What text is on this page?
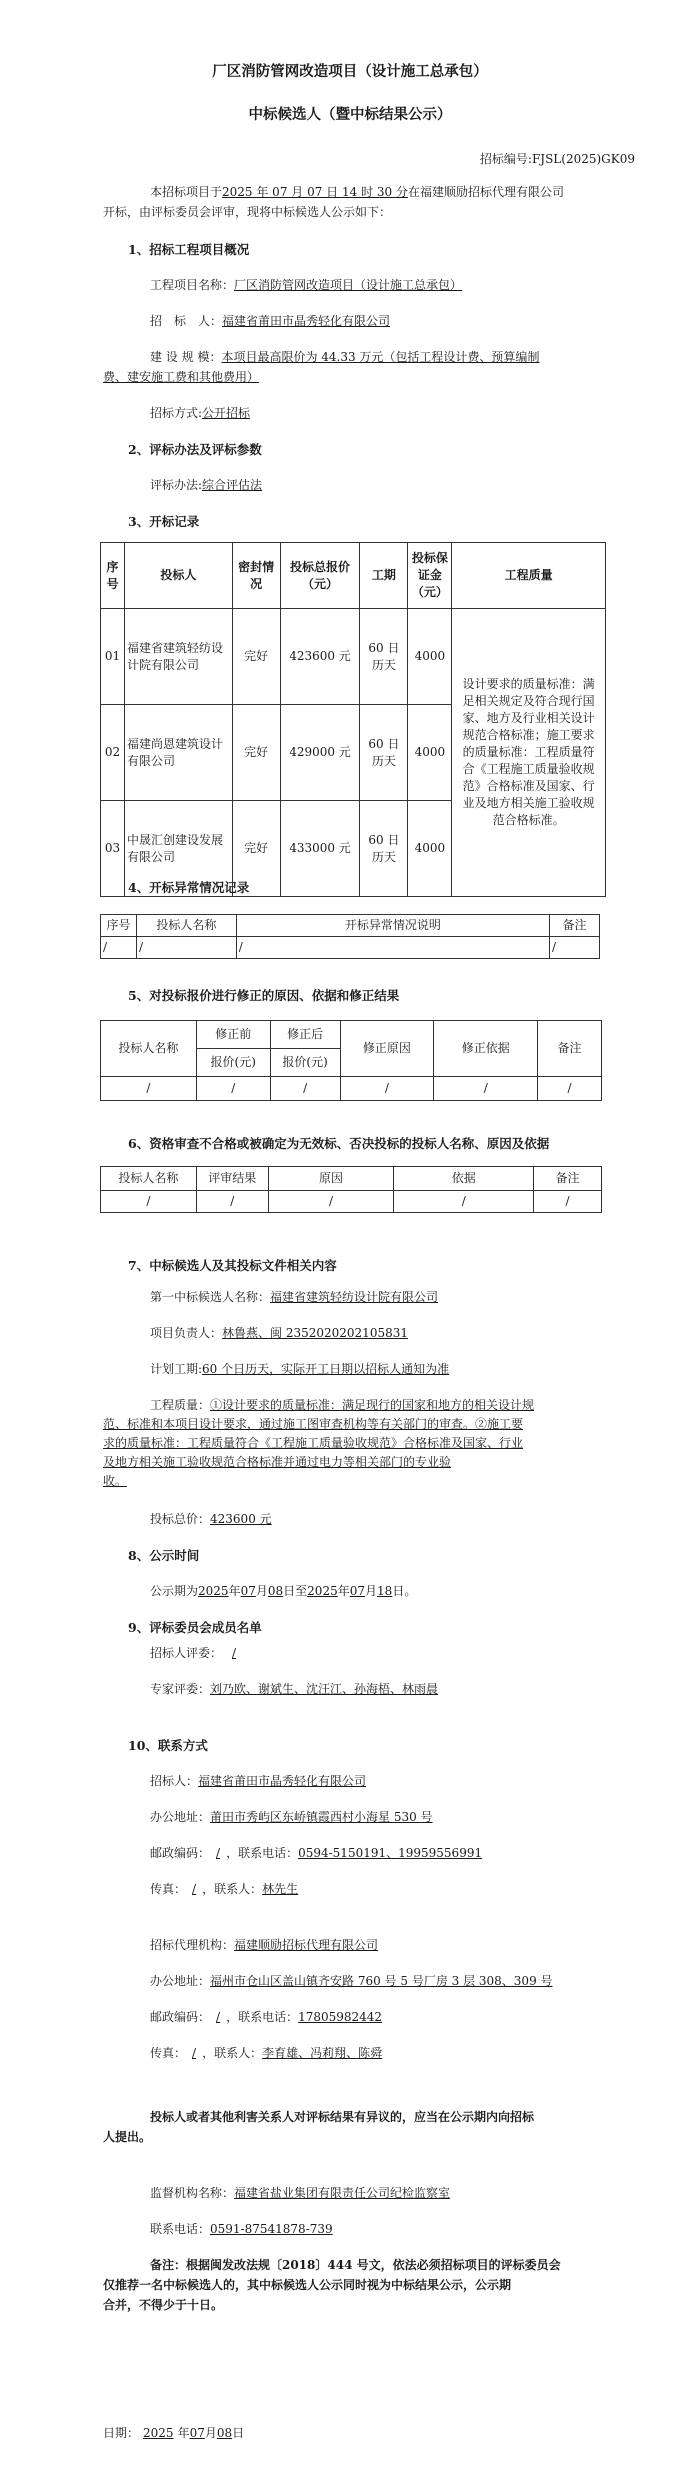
厂区消防管网改造项目（设计施工总承包）
中标候选人（暨中标结果公示）
招标编号:FJSL(2025)GK09
本招标项目于2025 年 07 月 07 日 14 时 30 分在福建顺励招标代理有限公司
开标，由评标委员会评审，现将中标候选人公示如下：
1、招标工程项目概况
工程项目名称：厂区消防管网改造项目（设计施工总承包）
招　标　人：福建省莆田市晶秀轻化有限公司
建 设 规 模：本项目最高限价为 44.33 万元（包括工程设计费、预算编制
费、建安施工费和其他费用）
招标方式:公开招标
2、评标办法及评标参数
评标办法:综合评估法
3、开标记录
序号	投标人	密封情况	投标总报价（元）	工期	投标保证金（元）	工程质量
01	福建省建筑轻纺设计院有限公司	完好	423600 元	60 日历天	4000	设计要求的质量标准：满足相关规定及符合现行国家、地方及行业相关设计规范合格标准；施工要求的质量标准：工程质量符合《工程施工质量验收规范》合格标准及国家、行业及地方相关施工验收规范合格标准。
02	福建尚恩建筑设计有限公司	完好	429000 元	60 日历天	4000	
03	中晟汇创建设发展有限公司	完好	433000 元	60 日历天	4000	
4、开标异常情况记录
序号	投标人名称	开标异常情况说明	备注
/	/	/	/
5、对投标报价进行修正的原因、依据和修正结果
投标人名称	修正前	修正后	修正原因	修正依据	备注
	报价(元)	报价(元)			
/	/	/	/	/	/
6、资格审查不合格或被确定为无效标、否决投标的投标人名称、原因及依据
投标人名称	评审结果	原因	依据	备注
/	/	/	/	/
7、中标候选人及其投标文件相关内容
第一中标候选人名称：福建省建筑轻纺设计院有限公司
项目负责人：林鲁燕、闽 2352020202105831
计划工期:60 个日历天，实际开工日期以招标人通知为准
工程质量：①设计要求的质量标准：满足现行的国家和地方的相关设计规
范、标准和本项目设计要求，通过施工图审查机构等有关部门的审查。②施工要
求的质量标准：工程质量符合《工程施工质量验收规范》合格标准及国家、行业
及地方相关施工验收规范合格标准并通过电力等相关部门的专业验
收。
投标总价：423600 元
8、公示时间
公示期为2025年07月08日至2025年07月18日。
9、评标委员会成员名单
招标人评委： /
专家评委：刘乃欧、谢斌生、沈汪江、孙海梧、林雨晨
10、联系方式
招标人：福建省莆田市晶秀轻化有限公司
办公地址：莆田市秀屿区东峤镇霞西村小海星 530 号
邮政编码： / ，联系电话：0594-5150191、19959556991
传真： / ，联系人：林先生
招标代理机构：福建顺励招标代理有限公司
办公地址：福州市仓山区盖山镇齐安路 760 号 5 号厂房 3 层 308、309 号
邮政编码： / ，联系电话：17805982442
传真： / ，联系人：李育雄、冯莉翔、陈舜
投标人或者其他利害关系人对评标结果有异议的，应当在公示期内向招标
人提出。
监督机构名称：福建省盐业集团有限责任公司纪检监察室
联系电话：0591-87541878-739
备注：根据闽发改法规〔2018〕444 号文，依法必须招标项目的评标委员会
仅推荐一名中标候选人的，其中标候选人公示同时视为中标结果公示，公示期
合并，不得少于十日。
日期： 2025 年07月08日
